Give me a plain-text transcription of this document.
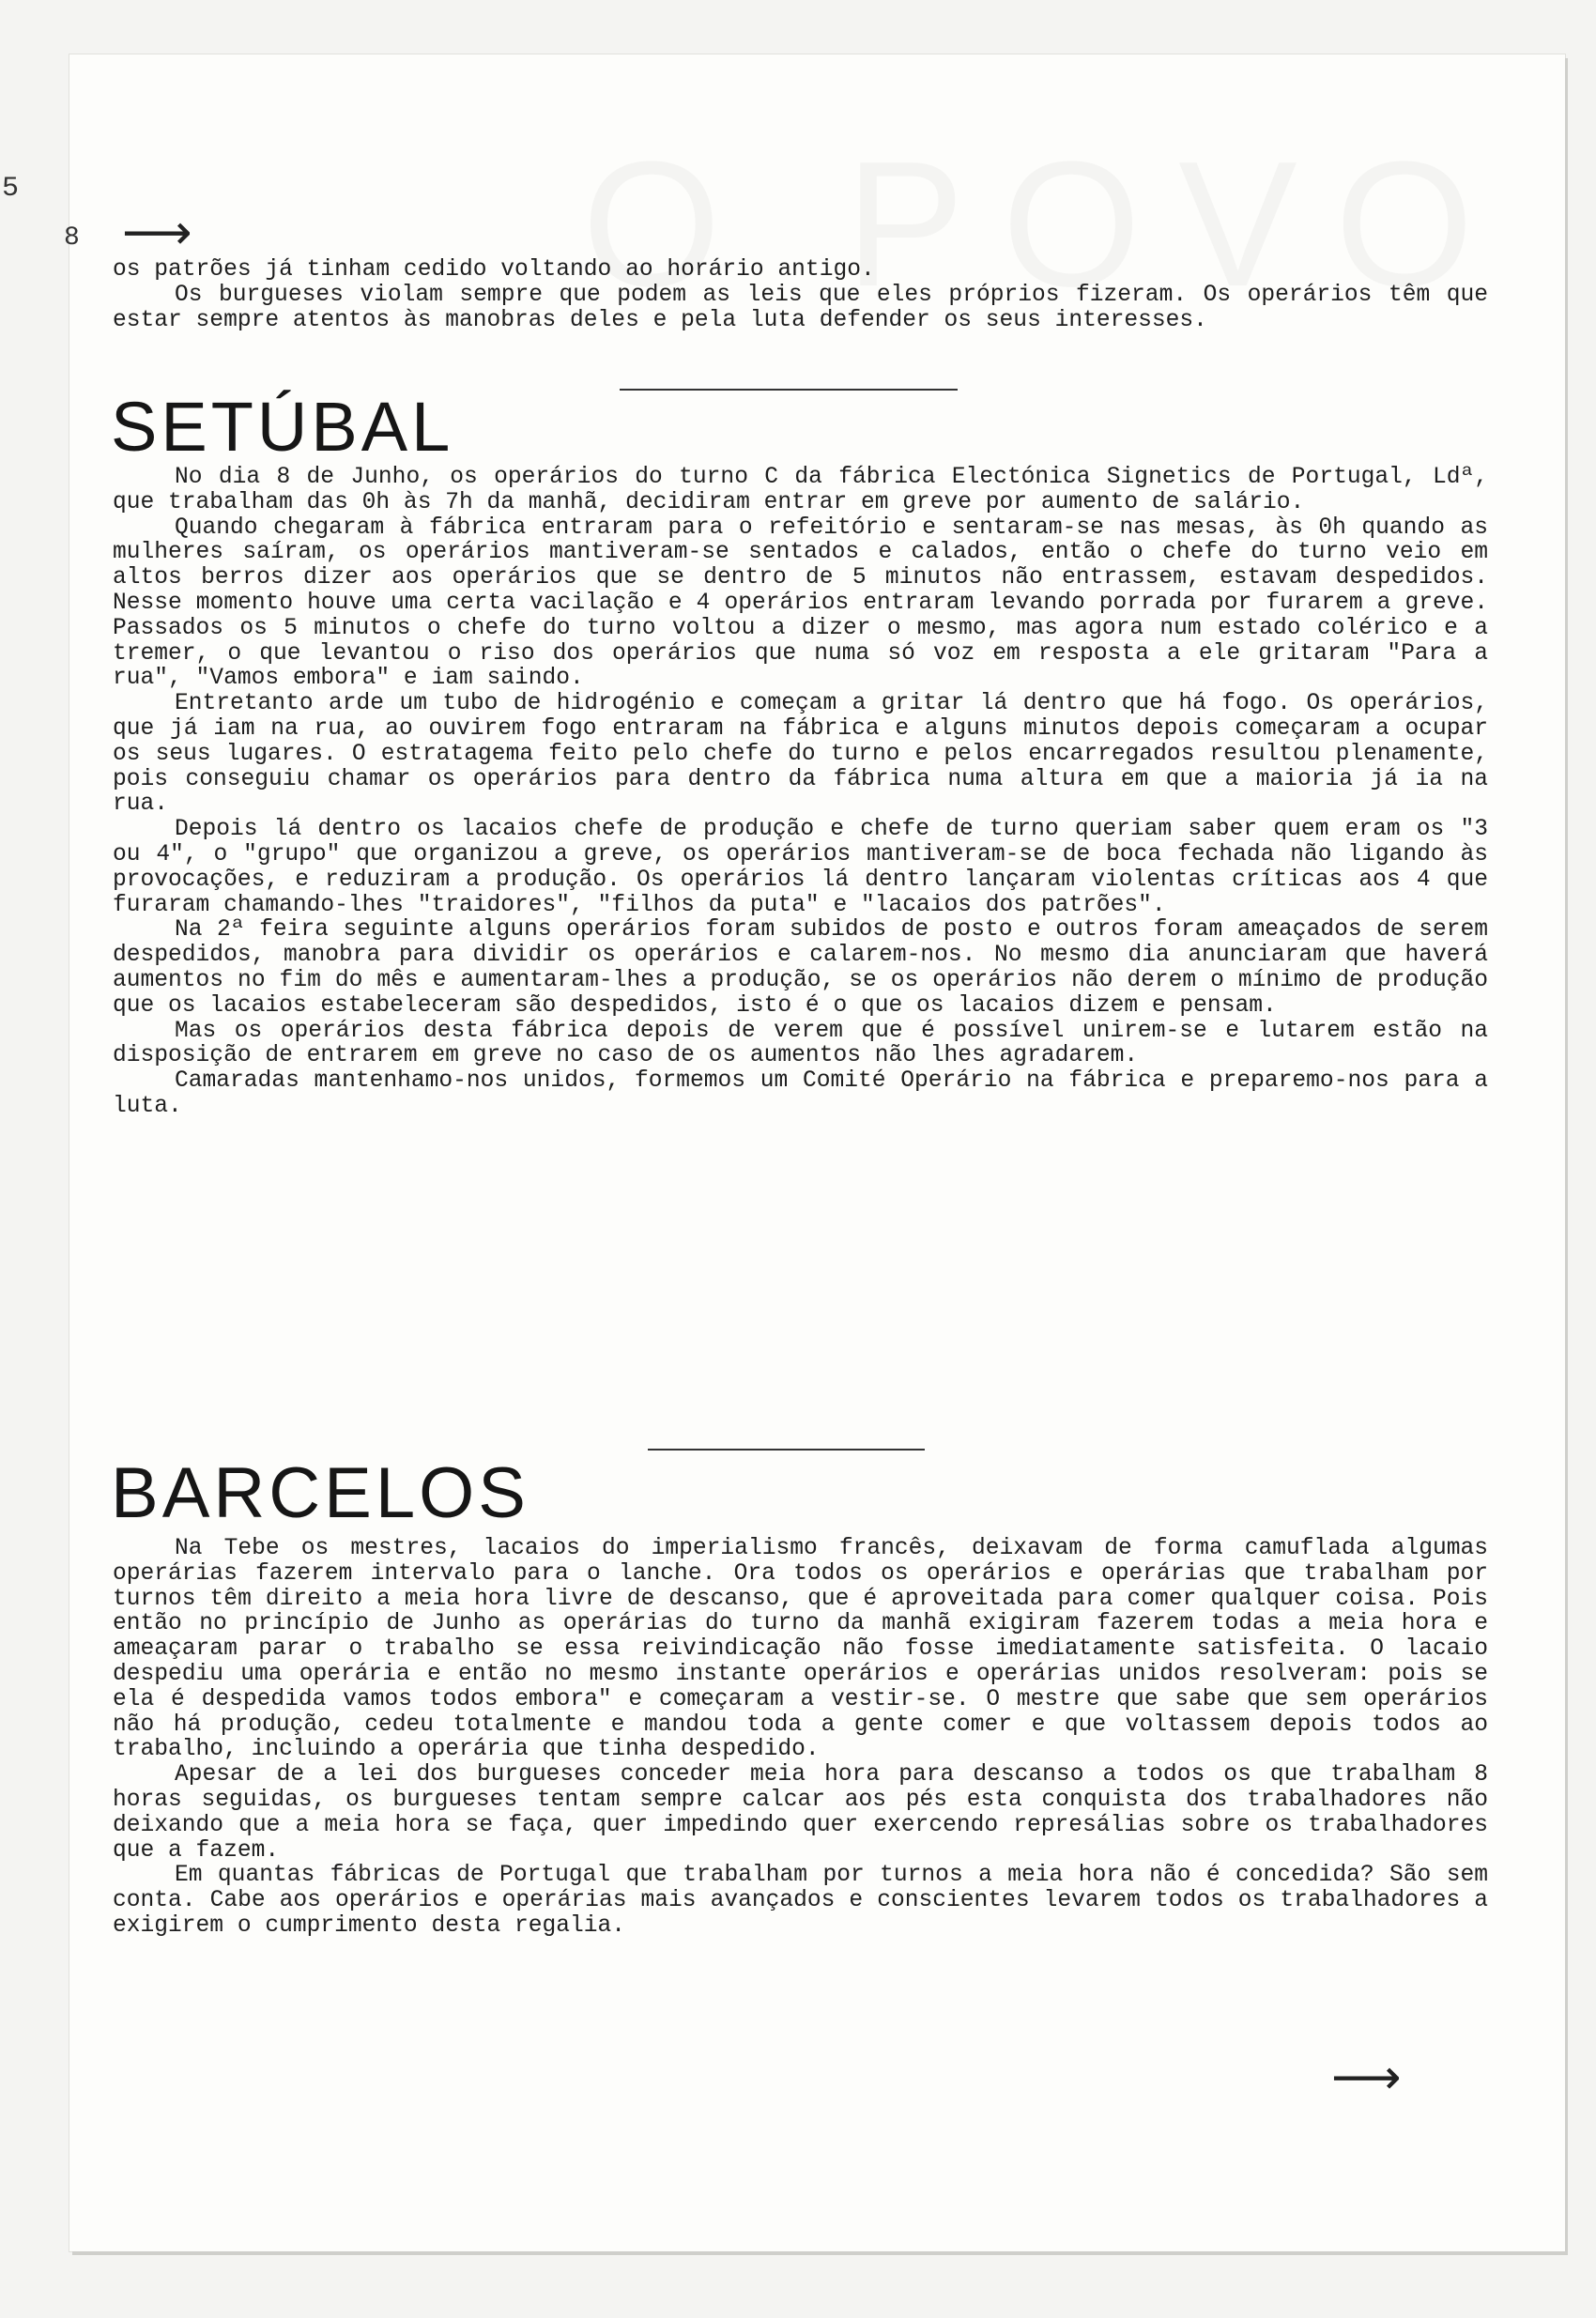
5
8 ⟶

os patrões já tinham cedido voltando ao horário antigo.

Os burgueses violam sempre que podem as leis que eles próprios fizeram. Os operários têm que estar sempre atentos às manobras deles e pela luta defender os seus interesses.

SETÚBAL

No dia 8 de Junho, os operários do turno C da fábrica Electónica Signetics de Portugal, Ldª, que trabalham das 0h às 7h da manhã, decidiram entrar em greve por aumento de salário.

Quando chegaram à fábrica entraram para o refeitório e sentaram-se nas mesas, às 0h quando as mulheres saíram, os operários mantiveram-se sentados e calados, então o chefe do turno veio em altos berros dizer aos operários que se dentro de 5 minutos não entrassem, estavam despedidos. Nesse momento houve uma certa vacilação e 4 operários entraram levando porrada por furarem a greve. Passados os 5 minutos o chefe do turno voltou a dizer o mesmo, mas agora num estado colérico e a tremer, o que levantou o riso dos operários que numa só voz em resposta a ele gritaram "Para a rua", "Vamos embora" e iam saindo.

Entretanto arde um tubo de hidrogénio e começam a gritar lá dentro que há fogo. Os operários, que já iam na rua, ao ouvirem fogo entraram na fábrica e alguns minutos depois começaram a ocupar os seus lugares. O estratagema feito pelo chefe do turno e pelos encarregados resultou plenamente, pois conseguiu chamar os operários para dentro da fábrica numa altura em que a maioria já ia na rua.

Depois lá dentro os lacaios chefe de produção e chefe de turno queriam saber quem eram os "3 ou 4", o "grupo" que organizou a greve, os operários mantiveram-se de boca fechada não ligando às provocações, e reduziram a produção. Os operários lá dentro lançaram violentas críticas aos 4 que furaram chamando-lhes "traidores", "filhos da puta" e "lacaios dos patrões".

Na 2ª feira seguinte alguns operários foram subidos de posto e outros foram ameaçados de serem despedidos, manobra para dividir os operários e calarem-nos. No mesmo dia anunciaram que haverá aumentos no fim do mês e aumentaram-lhes a produção, se os operários não derem o mínimo de produção que os lacaios estabeleceram são despedidos, isto é o que os lacaios dizem e pensam.

Mas os operários desta fábrica depois de verem que é possível unirem-se e lutarem estão na disposição de entrarem em greve no caso de os aumentos não lhes agradarem.

Camaradas mantenhamo-nos unidos, formemos um Comité Operário na fábrica e preparemo-nos para a luta.

BARCELOS

Na Tebe os mestres, lacaios do imperialismo francês, deixavam de forma camuflada algumas operárias fazerem intervalo para o lanche. Ora todos os operários e operárias que trabalham por turnos têm direito a meia hora livre de descanso, que é aproveitada para comer qualquer coisa. Pois então no princípio de Junho as operárias do turno da manhã exigiram fazerem todas a meia hora e ameaçaram parar o trabalho se essa reivindicação não fosse imediatamente satisfeita. O lacaio despediu uma operária e então no mesmo instante operários e operárias unidos resolveram: pois se ela é despedida vamos todos embora" e começaram a vestir-se. O mestre que sabe que sem operários não há produção, cedeu totalmente e mandou toda a gente comer e que voltassem depois todos ao trabalho, incluindo a operária que tinha despedido.

Apesar de a lei dos burgueses conceder meia hora para descanso a todos os que trabalham 8 horas seguidas, os burgueses tentam sempre calcar aos pés esta conquista dos trabalhadores não deixando que a meia hora se faça, quer impedindo quer exercendo represálias sobre os trabalhadores que a fazem.

Em quantas fábricas de Portugal que trabalham por turnos a meia hora não é concedida? São sem conta. Cabe aos operários e operárias mais avançados e conscientes levarem todos os trabalhadores a exigirem o cumprimento desta regalia.

⟶
